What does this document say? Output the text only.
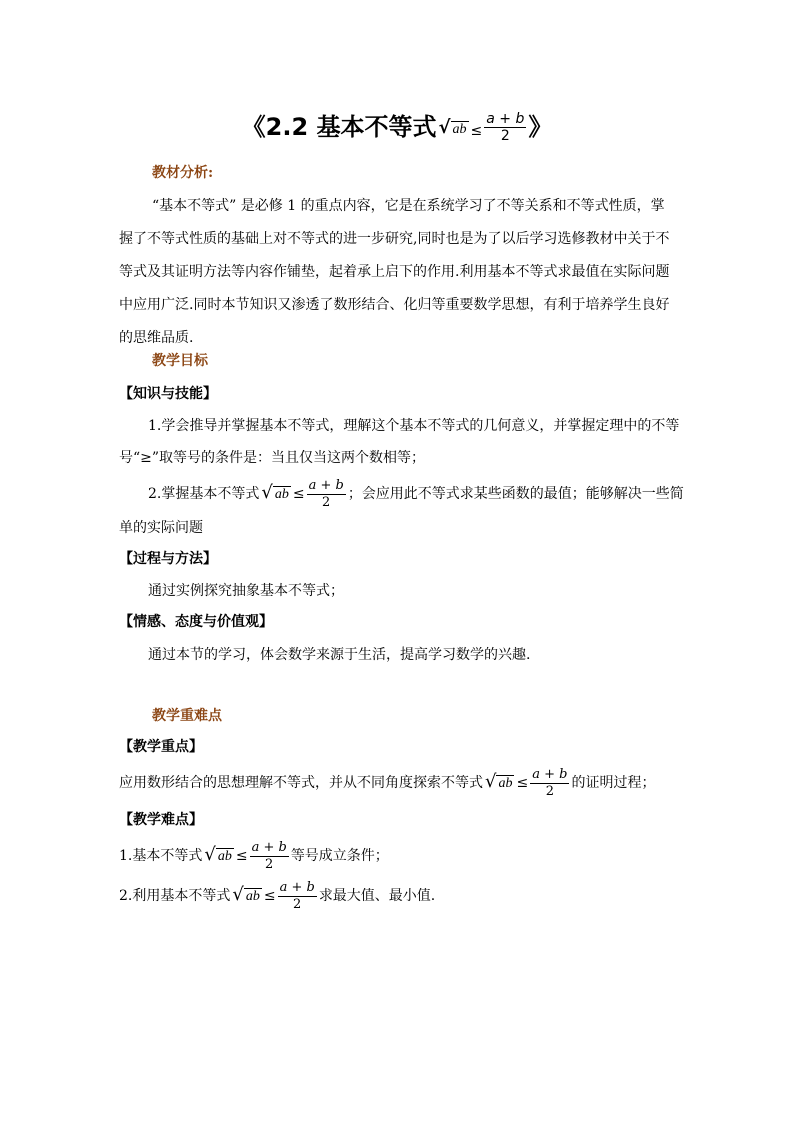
《2.2 基本不等式 √ ab ≤ $\frac{a + b}{2}$ 》
教材分析:
“基本不等式” 是必修 1 的重点内容，它是在系统学习了不等关系和不等式性质，掌
握了不等式性质的基础上对不等式的进一步研究,同时也是为了以后学习选修教材中关于不
等式及其证明方法等内容作铺垫，起着承上启下的作用.利用基本不等式求最值在实际问题
中应用广泛.同时本节知识又渗透了数形结合、化归等重要数学思想，有利于培养学生良好
的思维品质.
教学目标
【知识与技能】
1.学会推导并掌握基本不等式，理解这个基本不等式的几何意义，并掌握定理中的不等
号“≥”取等号的条件是：当且仅当这两个数相等；
2.掌握基本不等式 √ ab ≤ $\frac{a + b}{2}$ ；会应用此不等式求某些函数的最值；能够解决一些简
单的实际问题
【过程与方法】
通过实例探究抽象基本不等式；
【情感、态度与价值观】
通过本节的学习，体会数学来源于生活，提高学习数学的兴趣.
教学重难点
【教学重点】
应用数形结合的思想理解不等式，并从不同角度探索不等式 √ ab ≤ $\frac{a + b}{2}$ 的证明过程；
【教学难点】
1.基本不等式 √ ab ≤ $\frac{a + b}{2}$ 等号成立条件；
2.利用基本不等式 √ ab ≤ $\frac{a + b}{2}$ 求最大值、最小值.
